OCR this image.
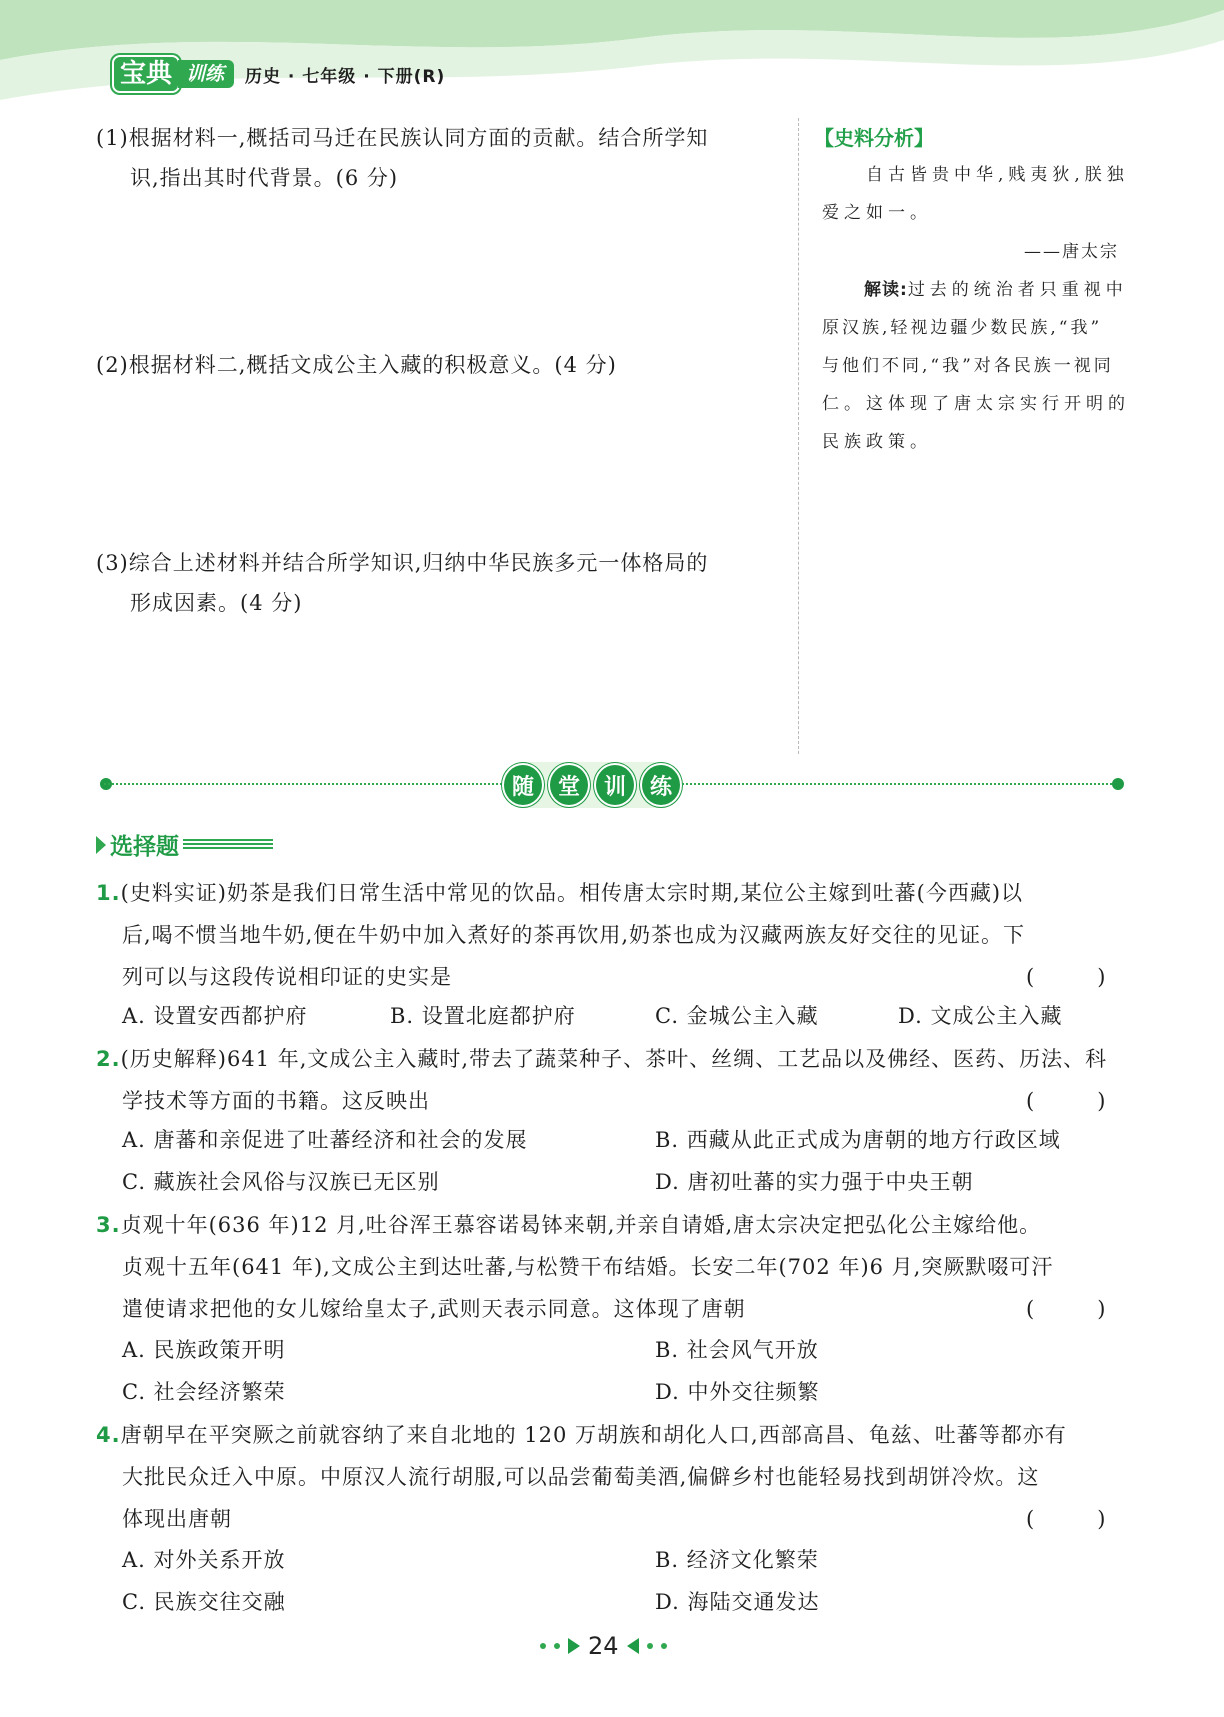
宝典 训练	历史 · 七年级 · 下册(R)
(1)根据材料一,概括司马迁在民族认同方面的贡献。结合所学知
识,指出其时代背景。(6 分)
(2)根据材料二,概括文成公主入藏的积极意义。(4 分)
(3)综合上述材料并结合所学知识,归纳中华民族多元一体格局的
形成因素。(4 分)
【史料分析】
自古皆贵中华,贱夷狄,朕独
爱之如一。
——唐太宗
解读:过去的统治者只重视中
原汉族,轻视边疆少数民族,“我”
与他们不同,“我”对各民族一视同
仁。这体现了唐太宗实行开明的
民族政策。
随	堂	训	练
选择题
1.(史料实证)奶茶是我们日常生活中常见的饮品。相传唐太宗时期,某位公主嫁到吐蕃(今西藏)以
后,喝不惯当地牛奶,便在牛奶中加入煮好的茶再饮用,奶茶也成为汉藏两族友好交往的见证。下
列可以与这段传说相印证的史实是	(　　　)
A. 设置安西都护府	B. 设置北庭都护府	C. 金城公主入藏	D. 文成公主入藏
2.(历史解释)641 年,文成公主入藏时,带去了蔬菜种子、茶叶、丝绸、工艺品以及佛经、医药、历法、科
学技术等方面的书籍。这反映出	(　　　)
A. 唐蕃和亲促进了吐蕃经济和社会的发展	B. 西藏从此正式成为唐朝的地方行政区域
C. 藏族社会风俗与汉族已无区别	D. 唐初吐蕃的实力强于中央王朝
3.贞观十年(636 年)12 月,吐谷浑王慕容诺曷钵来朝,并亲自请婚,唐太宗决定把弘化公主嫁给他。
贞观十五年(641 年),文成公主到达吐蕃,与松赞干布结婚。长安二年(702 年)6 月,突厥默啜可汗
遣使请求把他的女儿嫁给皇太子,武则天表示同意。这体现了唐朝	(　　　)
A. 民族政策开明	B. 社会风气开放
C. 社会经济繁荣	D. 中外交往频繁
4.唐朝早在平突厥之前就容纳了来自北地的 120 万胡族和胡化人口,西部高昌、龟兹、吐蕃等都亦有
大批民众迁入中原。中原汉人流行胡服,可以品尝葡萄美酒,偏僻乡村也能轻易找到胡饼冷炊。这
体现出唐朝	(　　　)
A. 对外关系开放	B. 经济文化繁荣
C. 民族交往交融	D. 海陆交通发达
24
